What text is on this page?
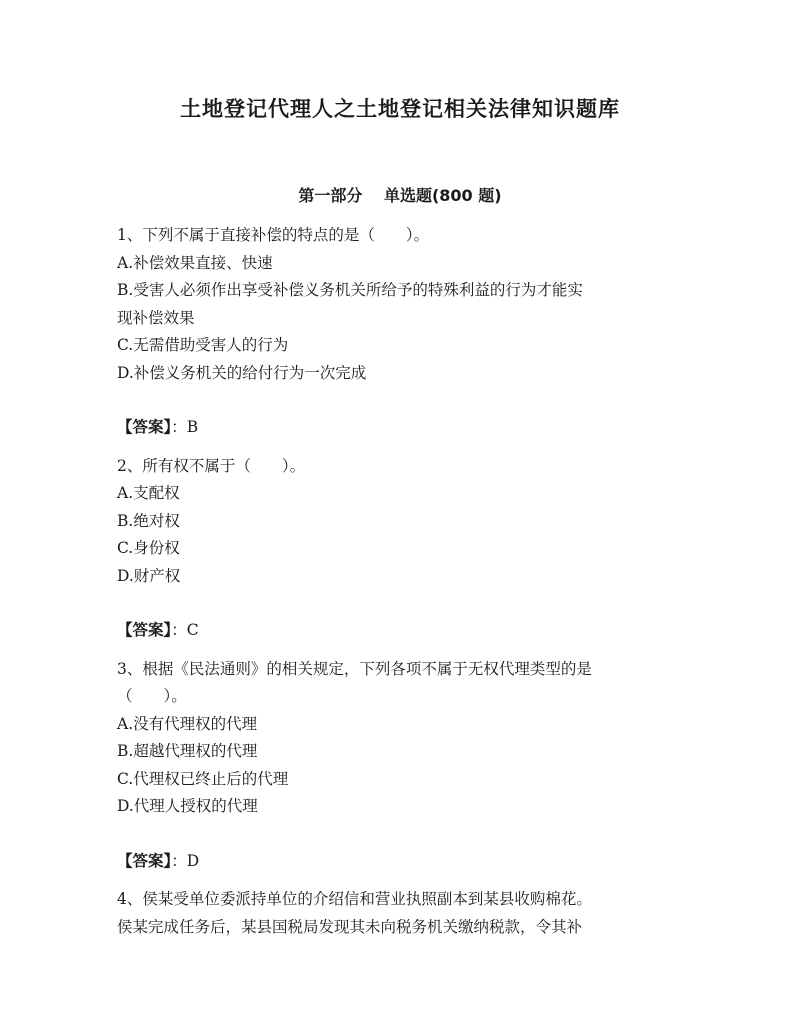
土地登记代理人之土地登记相关法律知识题库
第一部分　 单选题(800 题)
1、下列不属于直接补偿的特点的是（　　）。
A.补偿效果直接、快速
B.受害人必须作出享受补偿义务机关所给予的特殊利益的行为才能实
现补偿效果
C.无需借助受害人的行为
D.补偿义务机关的给付行为一次完成
【答案】：B
2、所有权不属于（　　）。
A.支配权
B.绝对权
C.身份权
D.财产权
【答案】：C
3、根据《民法通则》的相关规定，下列各项不属于无权代理类型的是
（　　）。
A.没有代理权的代理
B.超越代理权的代理
C.代理权已终止后的代理
D.代理人授权的代理
【答案】：D
4、侯某受单位委派持单位的介绍信和营业执照副本到某县收购棉花。
侯某完成任务后，某县国税局发现其未向税务机关缴纳税款，令其补
